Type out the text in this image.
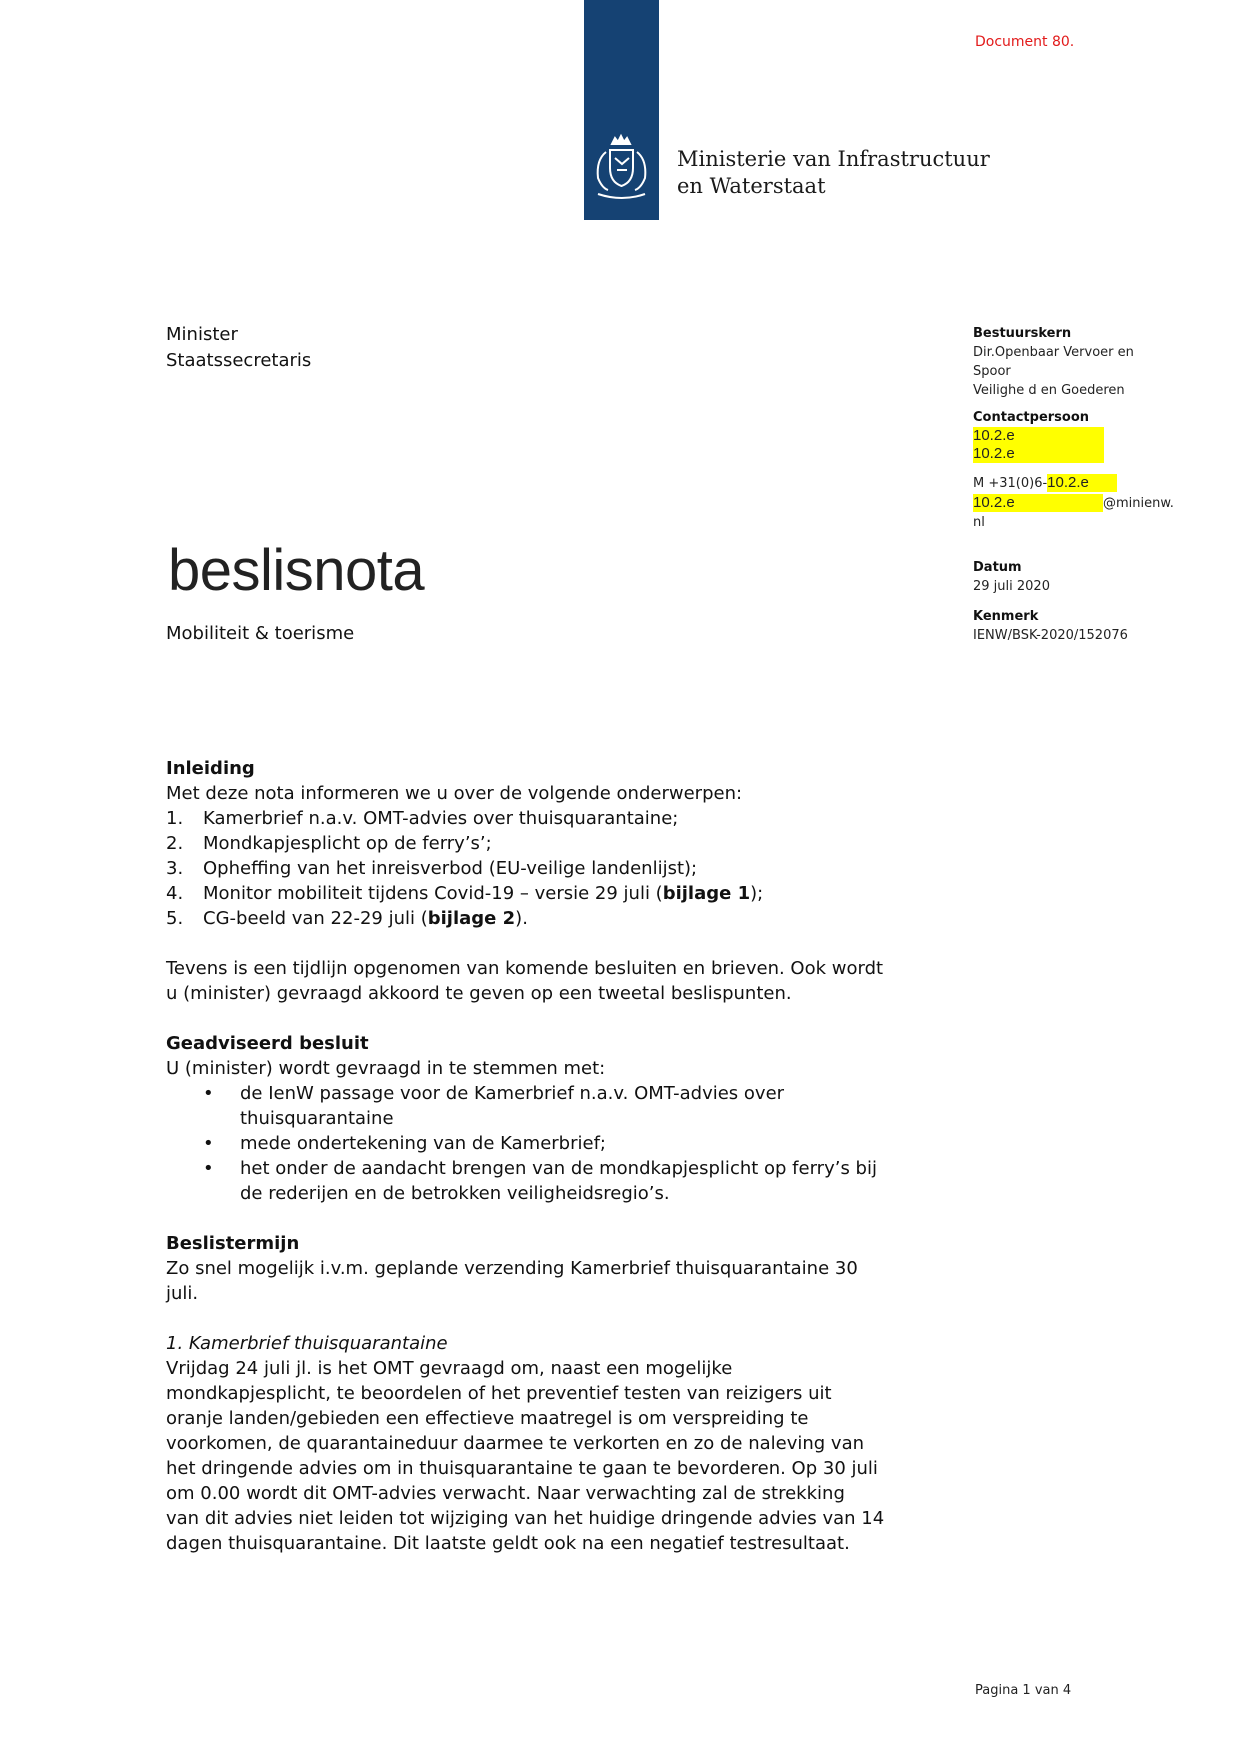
Document 80.
Ministerie van Infrastructuur
en Waterstaat
Minister
Staatssecretaris
beslisnota
Mobiliteit & toerisme
Bestuurskern
Dir.Openbaar Vervoer en
Spoor
Veilighe d en Goederen
Contactpersoon
10.2.e
10.2.e
M +31(0)6-10.2.e
10.2.e	@minienw.
nl
Datum
29 juli 2020
Kenmerk
IENW/BSK-2020/152076
Inleiding

Met deze nota informeren we u over de volgende onderwerpen:

1. Kamerbrief n.a.v. OMT-advies over thuisquarantaine;
2. Mondkapjesplicht op de ferry’s’;
3. Opheffing van het inreisverbod (EU-veilige landenlijst);
4. Monitor mobiliteit tijdens Covid-19 – versie 29 juli (bijlage 1);
5. CG-beeld van 22-29 juli (bijlage 2).

Tevens is een tijdlijn opgenomen van komende besluiten en brieven. Ook wordt

u (minister) gevraagd akkoord te geven op een tweetal beslispunten.

Geadviseerd besluit

U (minister) wordt gevraagd in te stemmen met:

• de IenW passage voor de Kamerbrief n.a.v. OMT-advies over
thuisquarantaine
• mede ondertekening van de Kamerbrief;
• het onder de aandacht brengen van de mondkapjesplicht op ferry’s bij
de rederijen en de betrokken veiligheidsregio’s.
Beslistermijn

Zo snel mogelijk i.v.m. geplande verzending Kamerbrief thuisquarantaine 30

juli.

1. Kamerbrief thuisquarantaine

Vrijdag 24 juli jl. is het OMT gevraagd om, naast een mogelijke

mondkapjesplicht, te beoordelen of het preventief testen van reizigers uit

oranje landen/gebieden een effectieve maatregel is om verspreiding te

voorkomen, de quarantaineduur daarmee te verkorten en zo de naleving van

het dringende advies om in thuisquarantaine te gaan te bevorderen. Op 30 juli

om 0.00 wordt dit OMT-advies verwacht. Naar verwachting zal de strekking

van dit advies niet leiden tot wijziging van het huidige dringende advies van 14

dagen thuisquarantaine. Dit laatste geldt ook na een negatief testresultaat.

Pagina 1 van 4
